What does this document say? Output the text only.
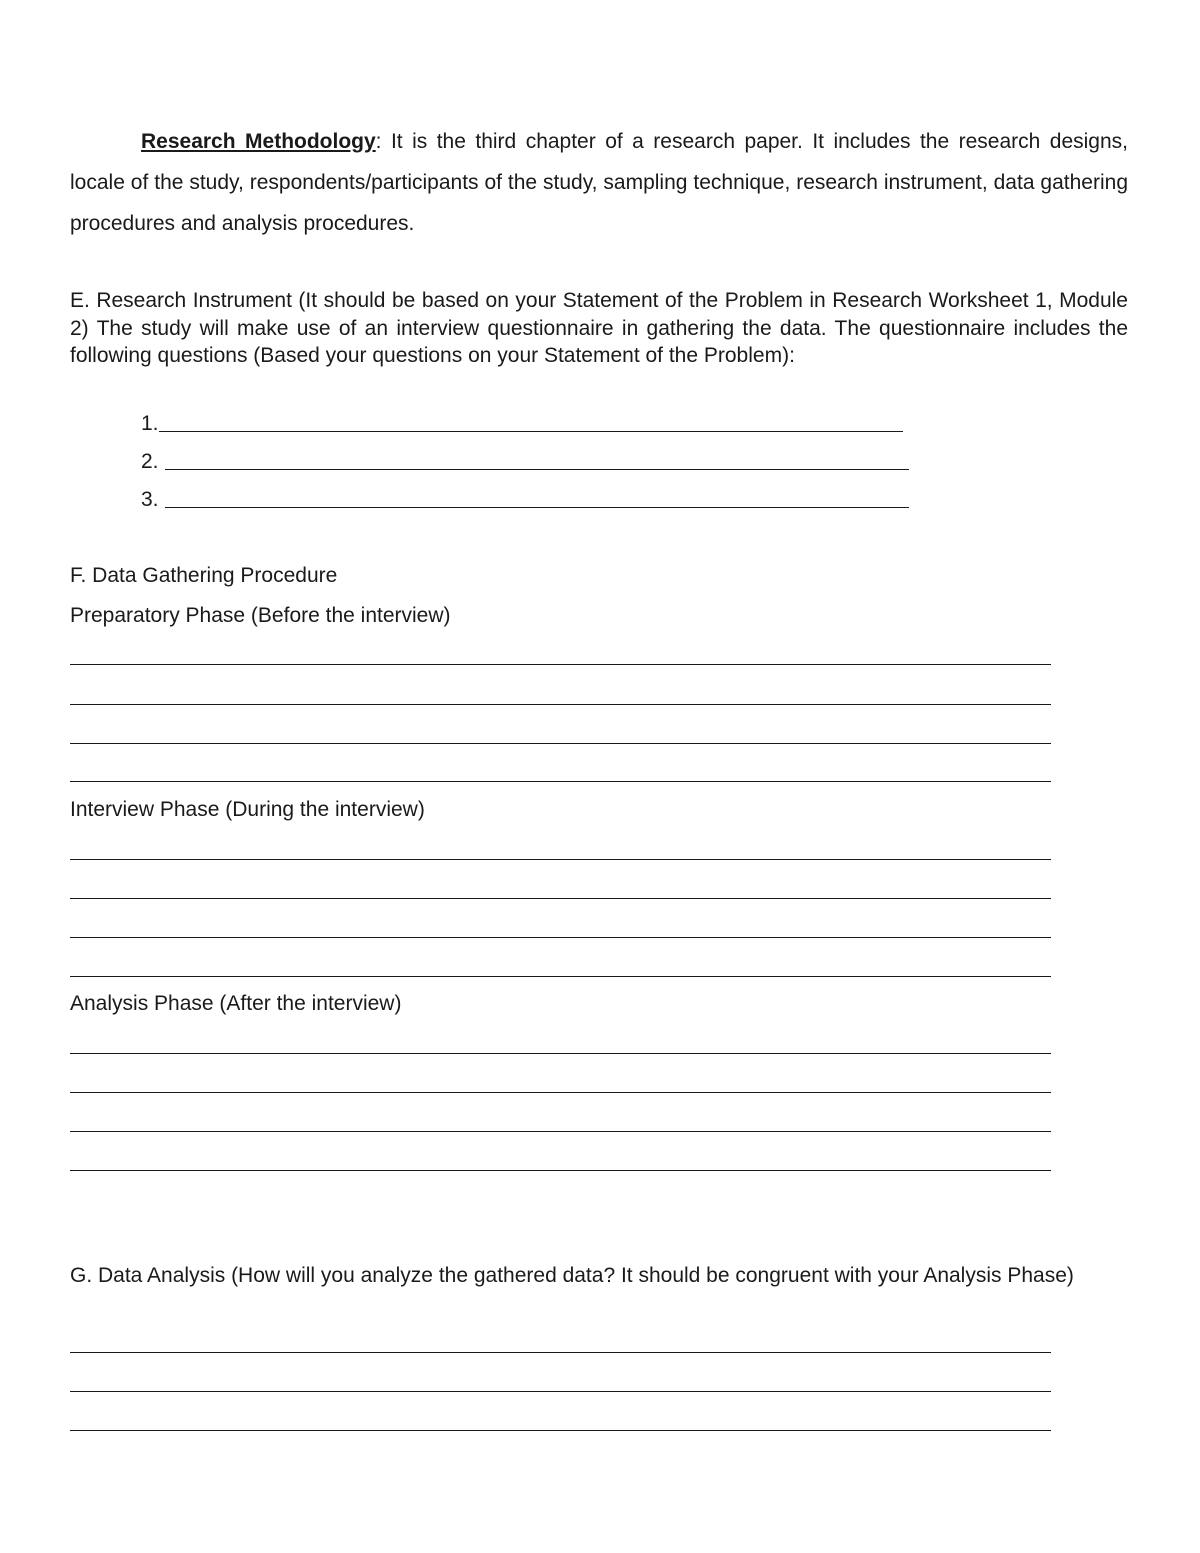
Research Methodology: It is the third chapter of a research paper. It includes the research designs, locale of the study, respondents/participants of the study, sampling technique, research instrument, data gathering procedures and analysis procedures.

E. Research Instrument (It should be based on your Statement of the Problem in Research Worksheet 1, Module 2) The study will make use of an interview questionnaire in gathering the data. The questionnaire includes the following questions (Based your questions on your Statement of the Problem):

1.
2.
3.

F. Data Gathering Procedure

Preparatory Phase (Before the interview)

Interview Phase (During the interview)

Analysis Phase (After the interview)

G. Data Analysis (How will you analyze the gathered data? It should be congruent with your Analysis Phase)
